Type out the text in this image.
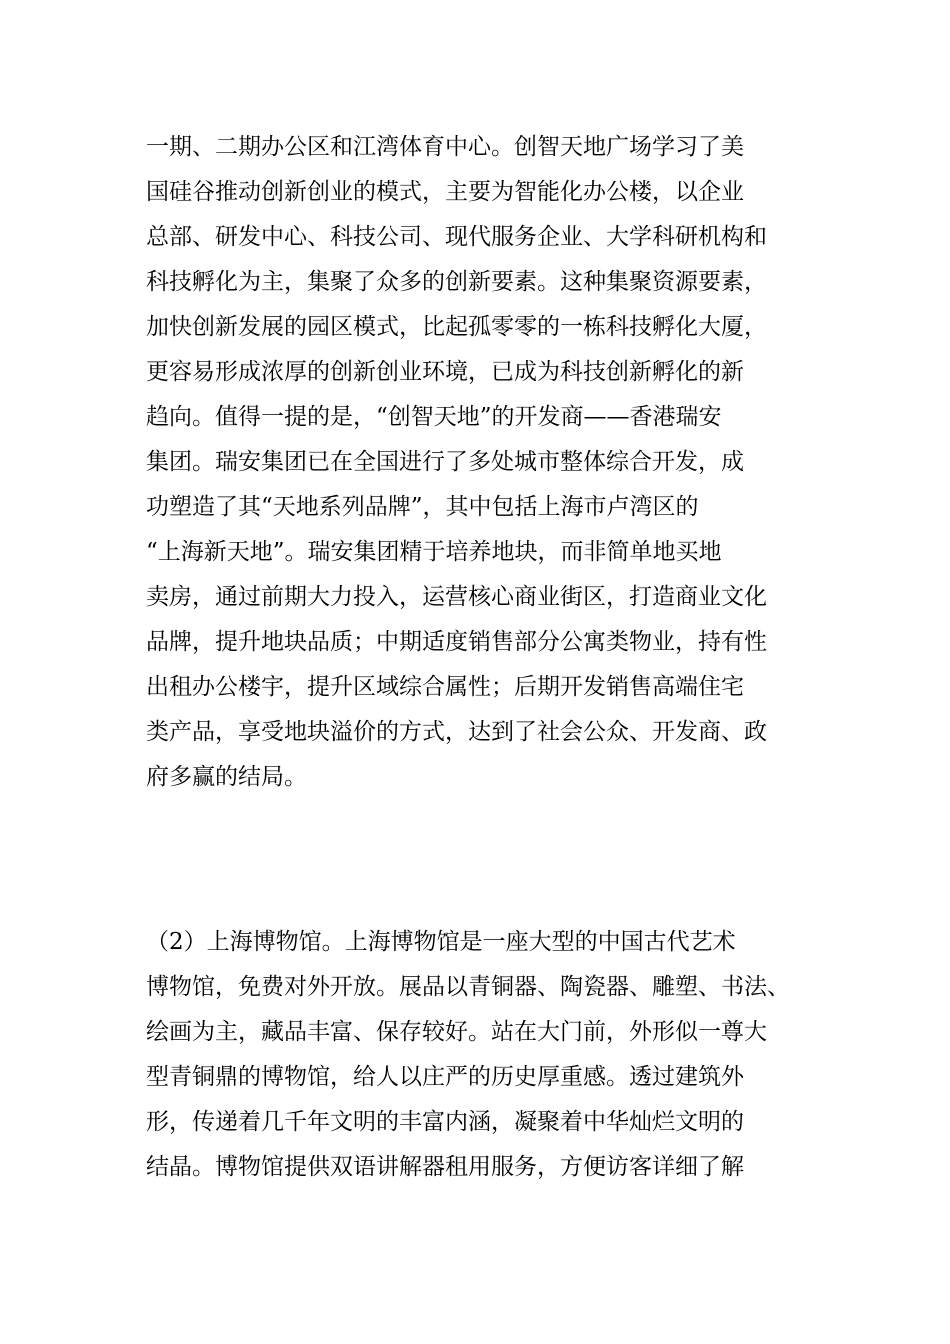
一期、二期办公区和江湾体育中心。创智天地广场学习了美
国硅谷推动创新创业的模式，主要为智能化办公楼，以企业
总部、研发中心、科技公司、现代服务企业、大学科研机构和
科技孵化为主，集聚了众多的创新要素。这种集聚资源要素，
加快创新发展的园区模式，比起孤零零的一栋科技孵化大厦，
更容易形成浓厚的创新创业环境，已成为科技创新孵化的新
趋向。值得一提的是，“创智天地”的开发商——香港瑞安
集团。瑞安集团已在全国进行了多处城市整体综合开发，成
功塑造了其“天地系列品牌”，其中包括上海市卢湾区的
“上海新天地”。瑞安集团精于培养地块，而非简单地买地
卖房，通过前期大力投入，运营核心商业街区，打造商业文化
品牌，提升地块品质；中期适度销售部分公寓类物业，持有性
出租办公楼宇，提升区域综合属性；后期开发销售高端住宅
类产品，享受地块溢价的方式，达到了社会公众、开发商、政
府多赢的结局。

（2）上海博物馆。上海博物馆是一座大型的中国古代艺术
博物馆，免费对外开放。展品以青铜器、陶瓷器、雕塑、书法、
绘画为主，藏品丰富、保存较好。站在大门前，外形似一尊大
型青铜鼎的博物馆，给人以庄严的历史厚重感。透过建筑外
形，传递着几千年文明的丰富内涵，凝聚着中华灿烂文明的
结晶。博物馆提供双语讲解器租用服务，方便访客详细了解
